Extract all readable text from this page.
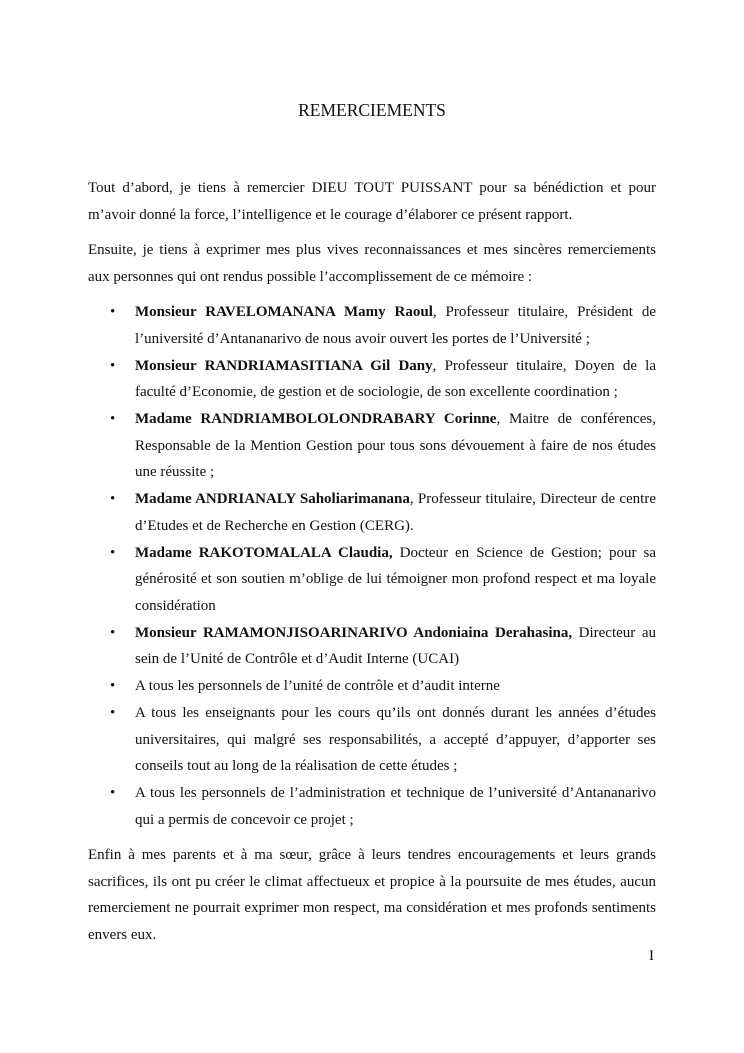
REMERCIEMENTS

Tout d’abord, je tiens à remercier DIEU TOUT PUISSANT pour sa bénédiction et pour m’avoir donné la force, l’intelligence et le courage d’élaborer ce présent rapport.

Ensuite, je tiens à exprimer mes plus vives reconnaissances et mes sincères remerciements aux personnes qui ont rendus possible l’accomplissement de ce mémoire :

• Monsieur RAVELOMANANA Mamy Raoul, Professeur titulaire, Président de l’université d’Antananarivo de nous avoir ouvert les portes de l’Université ;
• Monsieur RANDRIAMASITIANA Gil Dany, Professeur titulaire, Doyen de la faculté d’Economie, de gestion et de sociologie, de son excellente coordination ;
• Madame RANDRIAMBOLOLONDRABARY Corinne, Maitre de conférences, Responsable de la Mention Gestion pour tous sons dévouement à faire de nos études une réussite ;
• Madame ANDRIANALY Saholiarimanana, Professeur titulaire, Directeur de centre d’Etudes et de Recherche en Gestion (CERG).
• Madame RAKOTOMALALA Claudia, Docteur en Science de Gestion; pour sa générosité et son soutien m’oblige de lui témoigner mon profond respect et ma loyale considération
• Monsieur RAMAMONJISOARINARIVO Andoniaina Derahasina, Directeur au sein de l’Unité de Contrôle et d’Audit Interne (UCAI)
• A tous les personnels de l’unité de contrôle et d’audit interne
• A tous les enseignants pour les cours qu’ils ont donnés durant les années d’études universitaires, qui malgré ses responsabilités, a accepté d’appuyer, d’apporter ses conseils tout au long de la réalisation de cette études ;
• A tous les personnels de l’administration et technique de l’université d’Antananarivo qui a permis de concevoir ce projet ;

Enfin à mes parents et à ma sœur, grâce à leurs tendres encouragements et leurs grands sacrifices, ils ont pu créer le climat affectueux et propice à la poursuite de mes études, aucun remerciement ne pourrait exprimer mon respect, ma considération et mes profonds sentiments envers eux.

I
